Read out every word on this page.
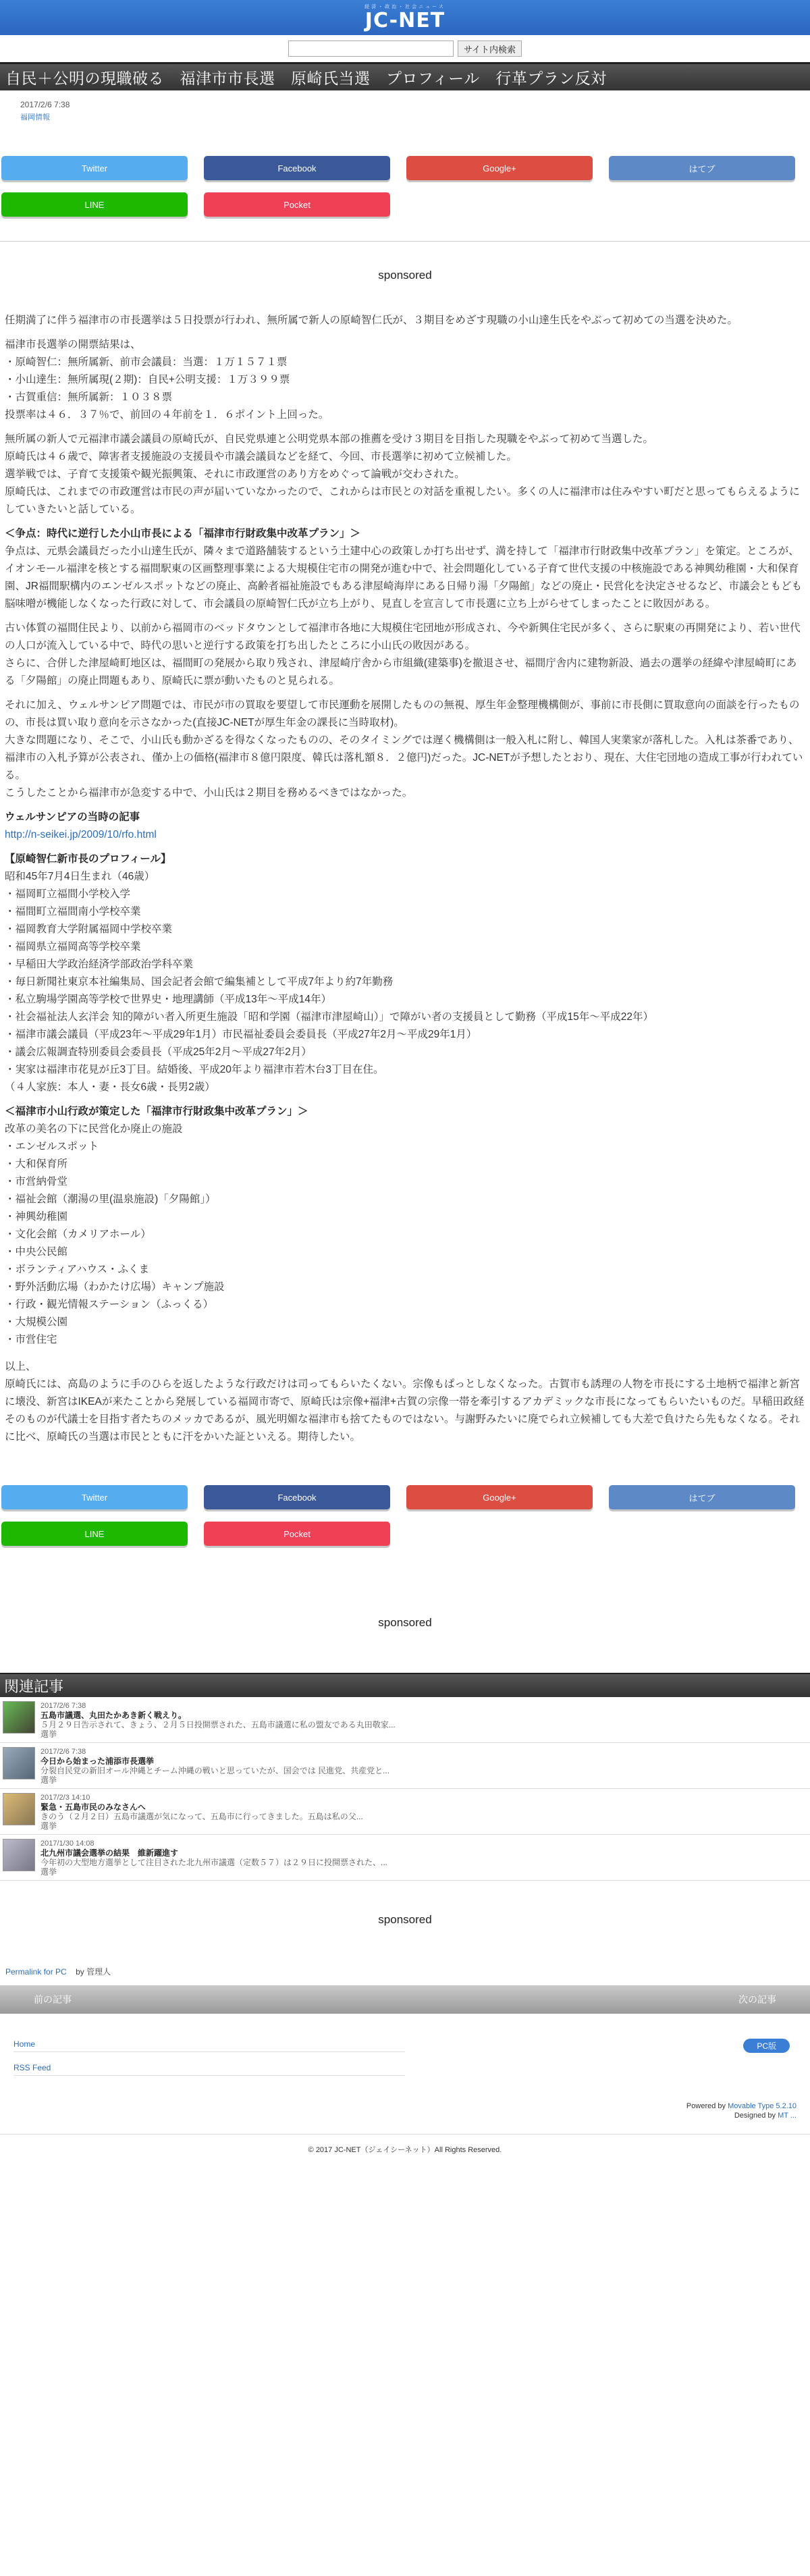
経済・政治・社会ニュース
JC-NET
サイト内検索
自民＋公明の現職破る　福津市市長選　原崎氏当選　プロフィール　行革プラン反対
2017/2/6 7:38
福岡情報
Twitter	Facebook	Google+	はてブ
LINE	Pocket
sponsored

任期満了に伴う福津市の市長選挙は５日投票が行われ、無所属で新人の原崎智仁氏が、３期目をめざす現職の小山達生氏をやぶって初めての当選を決めた。

福津市長選挙の開票結果は、
・原崎智仁：無所属新、前市会議員：当選：１万１５７１票
・小山達生：無所属現(２期)：自民+公明支援：１万３９９票
・古賀重信：無所属新：１０３８票
投票率は４６．３７％で、前回の４年前を１．６ポイント上回った。

無所属の新人で元福津市議会議員の原崎氏が、自民党県連と公明党県本部の推薦を受け３期目を目指した現職をやぶって初めて当選した。
原崎氏は４６歳で、障害者支援施設の支援員や市議会議員などを経て、今回、市長選挙に初めて立候補した。
選挙戦では、子育て支援策や観光振興策、それに市政運営のあり方をめぐって論戦が交わされた。
原崎氏は、これまでの市政運営は市民の声が届いていなかったので、これからは市民との対話を重視したい。多くの人に福津市は住みやすい町だと思ってもらえるようにしていきたいと話している。

＜争点：時代に逆行した小山市長による「福津市行財政集中改革プラン」＞

争点は、元県会議員だった小山達生氏が、隣々まで道路舗装するという土建中心の政策しか打ち出せず、満を持して「福津市行財政集中改革プラン」を策定。ところが、イオンモール福津を核とする福間駅東の区画整理事業による大規模住宅市の開発が進む中で、社会問題化している子育て世代支援の中核施設である神興幼稚園・大和保育園、JR福間駅構内のエンゼルスポットなどの廃止、高齢者福祉施設でもある津屋崎海岸にある日帰り湯「夕陽館」などの廃止・民営化を決定させるなど、市議会ともども脳味噌が機能しなくなった行政に対して、市会議員の原崎智仁氏が立ち上がり、見直しを宣言して市長選に立ち上がらせてしまったことに敗因がある。

古い体質の福間住民より、以前から福岡市のベッドタウンとして福津市各地に大規模住宅団地が形成され、今や新興住宅民が多く、さらに駅東の再開発により、若い世代の人口が流入している中で、時代の思いと逆行する政策を打ち出したところに小山氏の敗因がある。
さらに、合併した津屋崎町地区は、福間町の発展から取り残され、津屋崎庁舎から市組織(建築事)を撤退させ、福間庁舎内に建物新設、過去の選挙の経緯や津屋崎町にある「夕陽館」の廃止問題もあり、原崎氏に票が動いたものと見られる。

それに加え、ウェルサンピア問題では、市民が市の買取を要望して市民運動を展開したものの無視、厚生年金整理機構側が、事前に市長側に買取意向の面談を行ったものの、市長は買い取り意向を示さなかった(直接JC-NETが厚生年金の課長に当時取材)。
大きな問題になり、そこで、小山氏も動かざるを得なくなったものの、そのタイミングでは遅く機構側は一般入札に附し、韓国人実業家が落札した。入札は茶番であり、福津市の入札予算が公表され、僅か上の価格(福津市８億円限度、韓氏は落札額８．２億円)だった。JC-NETが予想したとおり、現在、大住宅団地の造成工事が行われている。
こうしたことから福津市が急変する中で、小山氏は２期目を務めるべきではなかった。

ウェルサンピアの当時の記事

http://n-seikei.jp/2009/10/rfo.html

【原崎智仁新市長のプロフィール】

昭和45年7月4日生まれ（46歳）
・福岡町立福間小学校入学
・福間町立福間南小学校卒業
・福岡教育大学附属福岡中学校卒業
・福岡県立福岡高等学校卒業
・早稲田大学政治経済学部政治学科卒業
・毎日新聞社東京本社編集局、国会記者会館で編集補として平成7年より約7年勤務
・私立駒場学園高等学校で世界史・地理講師（平成13年～平成14年）
・社会福祉法人玄洋会 知的障がい者入所更生施設「昭和学園（福津市津屋崎山）」で障がい者の支援員として勤務（平成15年～平成22年）
・福津市議会議員（平成23年～平成29年1月）市民福祉委員会委員長（平成27年2月～平成29年1月）
・議会広報調査特別委員会委員長（平成25年2月～平成27年2月）
・実家は福津市花見が丘3丁目。結婚後、平成20年より福津市若木台3丁目在住。
（４人家族：本人・妻・長女6歳・長男2歳）

＜福津市小山行政が策定した「福津市行財政集中改革プラン」＞

改革の美名の下に民営化か廃止の施設
・エンゼルスポット
・大和保育所
・市営納骨堂
・福祉会館（潮湯の里(温泉施設)「夕陽館」）
・神興幼稚園
・文化会館（カメリアホール）
・中央公民館
・ボランティアハウス・ふくま
・野外活動広場（わかたけ広場）キャンプ施設
・行政・観光情報ステーション（ふっくる）
・大規模公園
・市営住宅

以上、
原崎氏には、高島のように手のひらを返したような行政だけは司ってもらいたくない。宗像もぱっとしなくなった。古賀市も誘理の人物を市長にする土地柄で福津と新宮に壊没、新宮はIKEAが来たことから発展している福岡市寄で、原崎氏は宗像+福津+古賀の宗像一帯を牽引するアカデミックな市長になってもらいたいものだ。早稲田政経そのものが代議士を目指す者たちのメッカであるが、風光明媚な福津市も捨てたものではない。与謝野みたいに廃でられ立候補しても大差で負けたら先もなくなる。それに比べ、原崎氏の当選は市民とともに汗をかいた証といえる。期待したい。

Twitter	Facebook	Google+	はてブ
LINE	Pocket
sponsored
関連記事
2017/2/6 7:38
五島市議選、丸田たかあき新く戦えり。
５月２９日告示されて、きょう、２月５日投開票された、五島市議選に私の盟友である丸田敬家...
選挙
2017/2/6 7:38
今日から始まった浦添市長選挙
分裂自民党の新旧オール沖縄とチーム沖縄の戦いと思っていたが、国会では 民進党、共産党と...
選挙
2017/2/3 14:10
緊急・五島市民のみなさんへ
きのう（２月２日）五島市議選が気になって、五島市に行ってきました。五島は私の父...
選挙
2017/1/30 14:08
北九州市議会選挙の結果　維新躍進す
今年初の大型地方選挙として注目された北九州市議選（定数５７）は２９日に投開票された、...
選挙
sponsored
Permalink for PC by 管理人
前の記事	次の記事
Home	PC版
RSS Feed
Powered by Movable Type 5.2.10
Designed by MT ...
© 2017 JC-NET（ジェイシーネット）All Rights Reserved.
